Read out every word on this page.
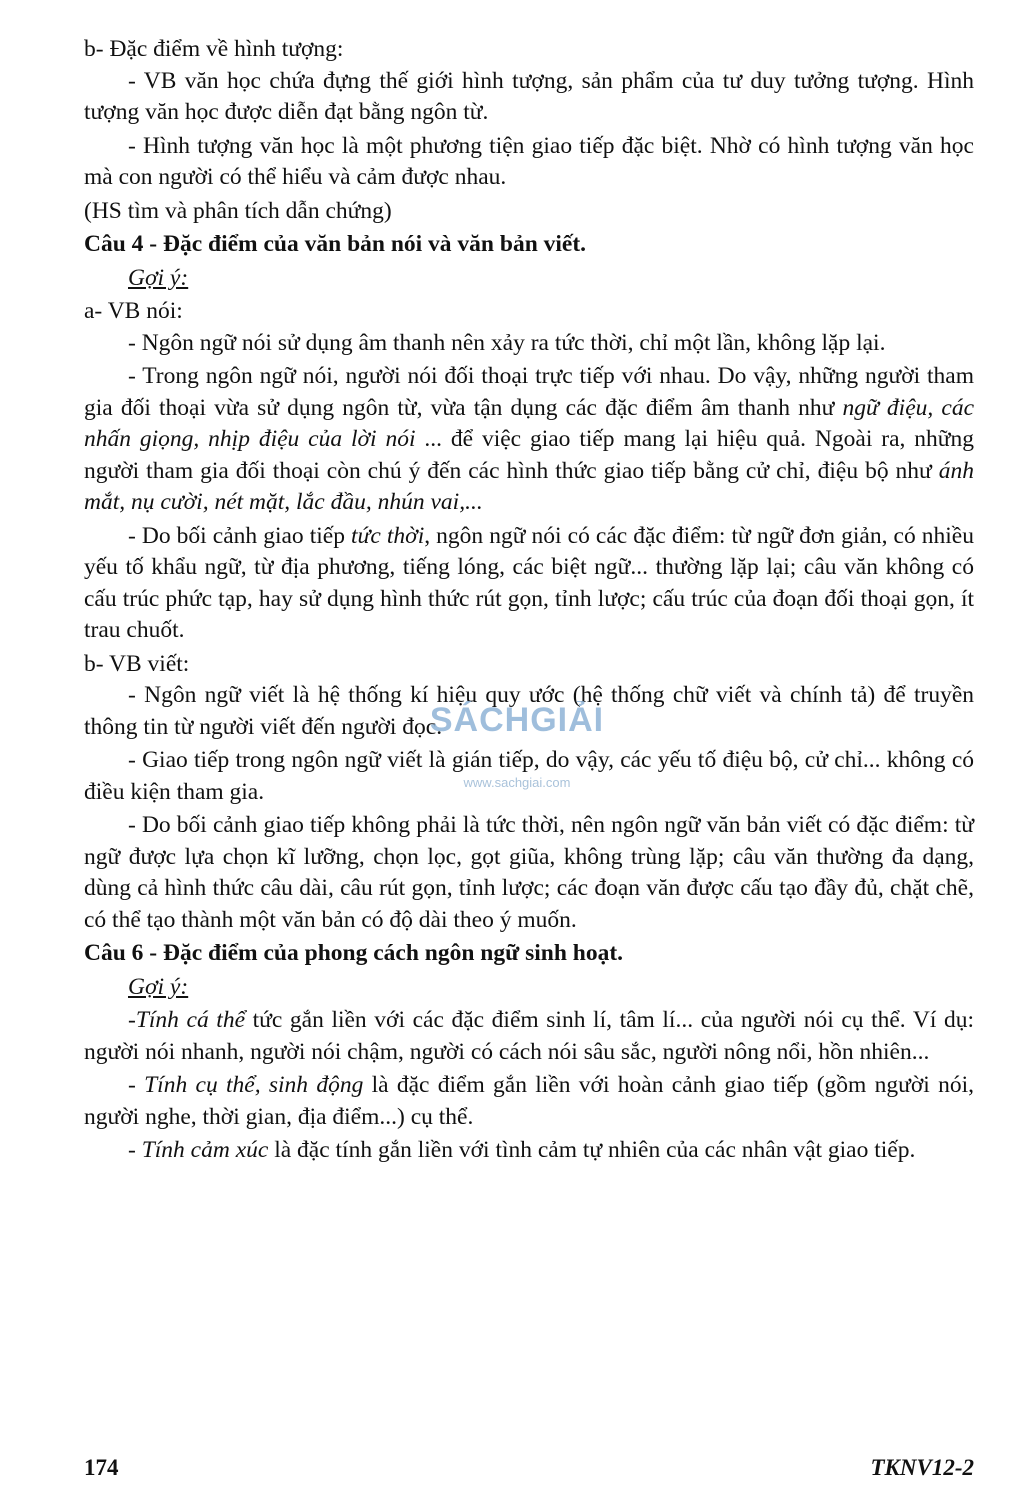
b- Đặc điểm về hình tượng:

- VB văn học chứa đựng thế giới hình tượng, sản phẩm của tư duy tưởng tượng. Hình tượng văn học được diễn đạt bằng ngôn từ.

- Hình tượng văn học là một phương tiện giao tiếp đặc biệt. Nhờ có hình tượng văn học mà con người có thể hiểu và cảm được nhau.

(HS tìm và phân tích dẫn chứng)

Câu 4 - Đặc điểm của văn bản nói và văn bản viết.

Gợi ý:

a- VB nói:

- Ngôn ngữ nói sử dụng âm thanh nên xảy ra tức thời, chỉ một lần, không lặp lại.

- Trong ngôn ngữ nói, người nói đối thoại trực tiếp với nhau. Do vậy, những người tham gia đối thoại vừa sử dụng ngôn từ, vừa tận dụng các đặc điểm âm thanh như ngữ điệu, các nhấn giọng, nhịp điệu của lời nói ... để việc giao tiếp mang lại hiệu quả. Ngoài ra, những người tham gia đối thoại còn chú ý đến các hình thức giao tiếp bằng cử chỉ, điệu bộ như ánh mắt, nụ cười, nét mặt, lắc đầu, nhún vai,...

- Do bối cảnh giao tiếp tức thời, ngôn ngữ nói có các đặc điểm: từ ngữ đơn giản, có nhiều yếu tố khẩu ngữ, từ địa phương, tiếng lóng, các biệt ngữ... thường lặp lại; câu văn không có cấu trúc phức tạp, hay sử dụng hình thức rút gọn, tỉnh lược; cấu trúc của đoạn đối thoại gọn, ít trau chuốt.

b- VB viết:

- Ngôn ngữ viết là hệ thống kí hiệu quy ước (hệ thống chữ viết và chính tả) để truyền thông tin từ người viết đến người đọc.

- Giao tiếp trong ngôn ngữ viết là gián tiếp, do vậy, các yếu tố điệu bộ, cử chỉ... không có điều kiện tham gia.

- Do bối cảnh giao tiếp không phải là tức thời, nên ngôn ngữ văn bản viết có đặc điểm: từ ngữ được lựa chọn kĩ lưỡng, chọn lọc, gọt giũa, không trùng lặp; câu văn thường đa dạng, dùng cả hình thức câu dài, câu rút gọn, tỉnh lược; các đoạn văn được cấu tạo đầy đủ, chặt chẽ, có thể tạo thành một văn bản có độ dài theo ý muốn.

Câu 6 - Đặc điểm của phong cách ngôn ngữ sinh hoạt.

Gợi ý:

-Tính cá thể tức gắn liền với các đặc điểm sinh lí, tâm lí... của người nói cụ thể. Ví dụ: người nói nhanh, người nói chậm, người có cách nói sâu sắc, người nông nổi, hồn nhiên...

- Tính cụ thể, sinh động là đặc điểm gắn liền với hoàn cảnh giao tiếp (gồm người nói, người nghe, thời gian, địa điểm...) cụ thể.

- Tính cảm xúc là đặc tính gắn liền với tình cảm tự nhiên của các nhân vật giao tiếp.

SÁCHGIẢI
www.sachgiai.com
174	TKNV12-2
